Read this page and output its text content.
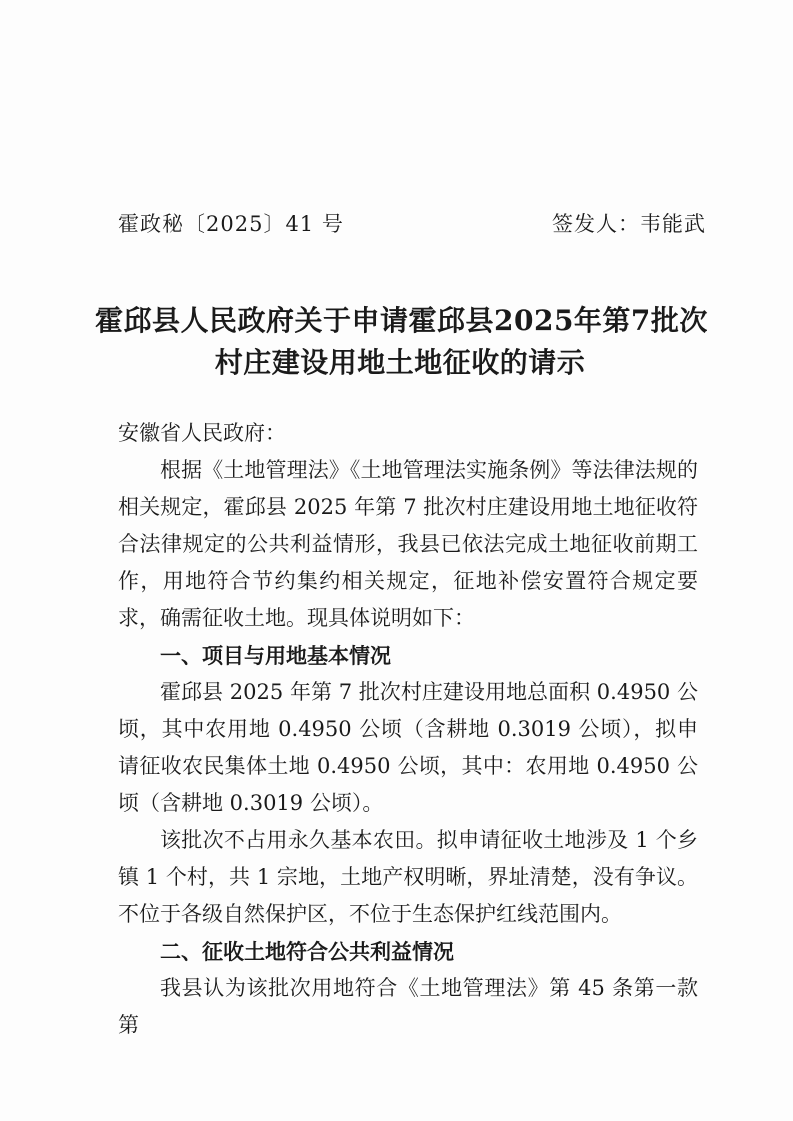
霍政秘〔2025〕41 号	签发人：韦能武
霍邱县人民政府关于申请霍邱县2025年第7批次
村庄建设用地土地征收的请示

安徽省人民政府：

根据《土地管理法》《土地管理法实施条例》等法律法规的相关规定，霍邱县 2025 年第 7 批次村庄建设用地土地征收符合法律规定的公共利益情形，我县已依法完成土地征收前期工作，用地符合节约集约相关规定，征地补偿安置符合规定要求，确需征收土地。现具体说明如下：

一、项目与用地基本情况

霍邱县 2025 年第 7 批次村庄建设用地总面积 0.4950 公顷，其中农用地 0.4950 公顷（含耕地 0.3019 公顷），拟申请征收农民集体土地 0.4950 公顷，其中：农用地 0.4950 公顷（含耕地 0.3019 公顷）。

该批次不占用永久基本农田。拟申请征收土地涉及 1 个乡镇 1 个村，共 1 宗地，土地产权明晰，界址清楚，没有争议。不位于各级自然保护区，不位于生态保护红线范围内。

二、征收土地符合公共利益情况

我县认为该批次用地符合《土地管理法》第 45 条第一款第
